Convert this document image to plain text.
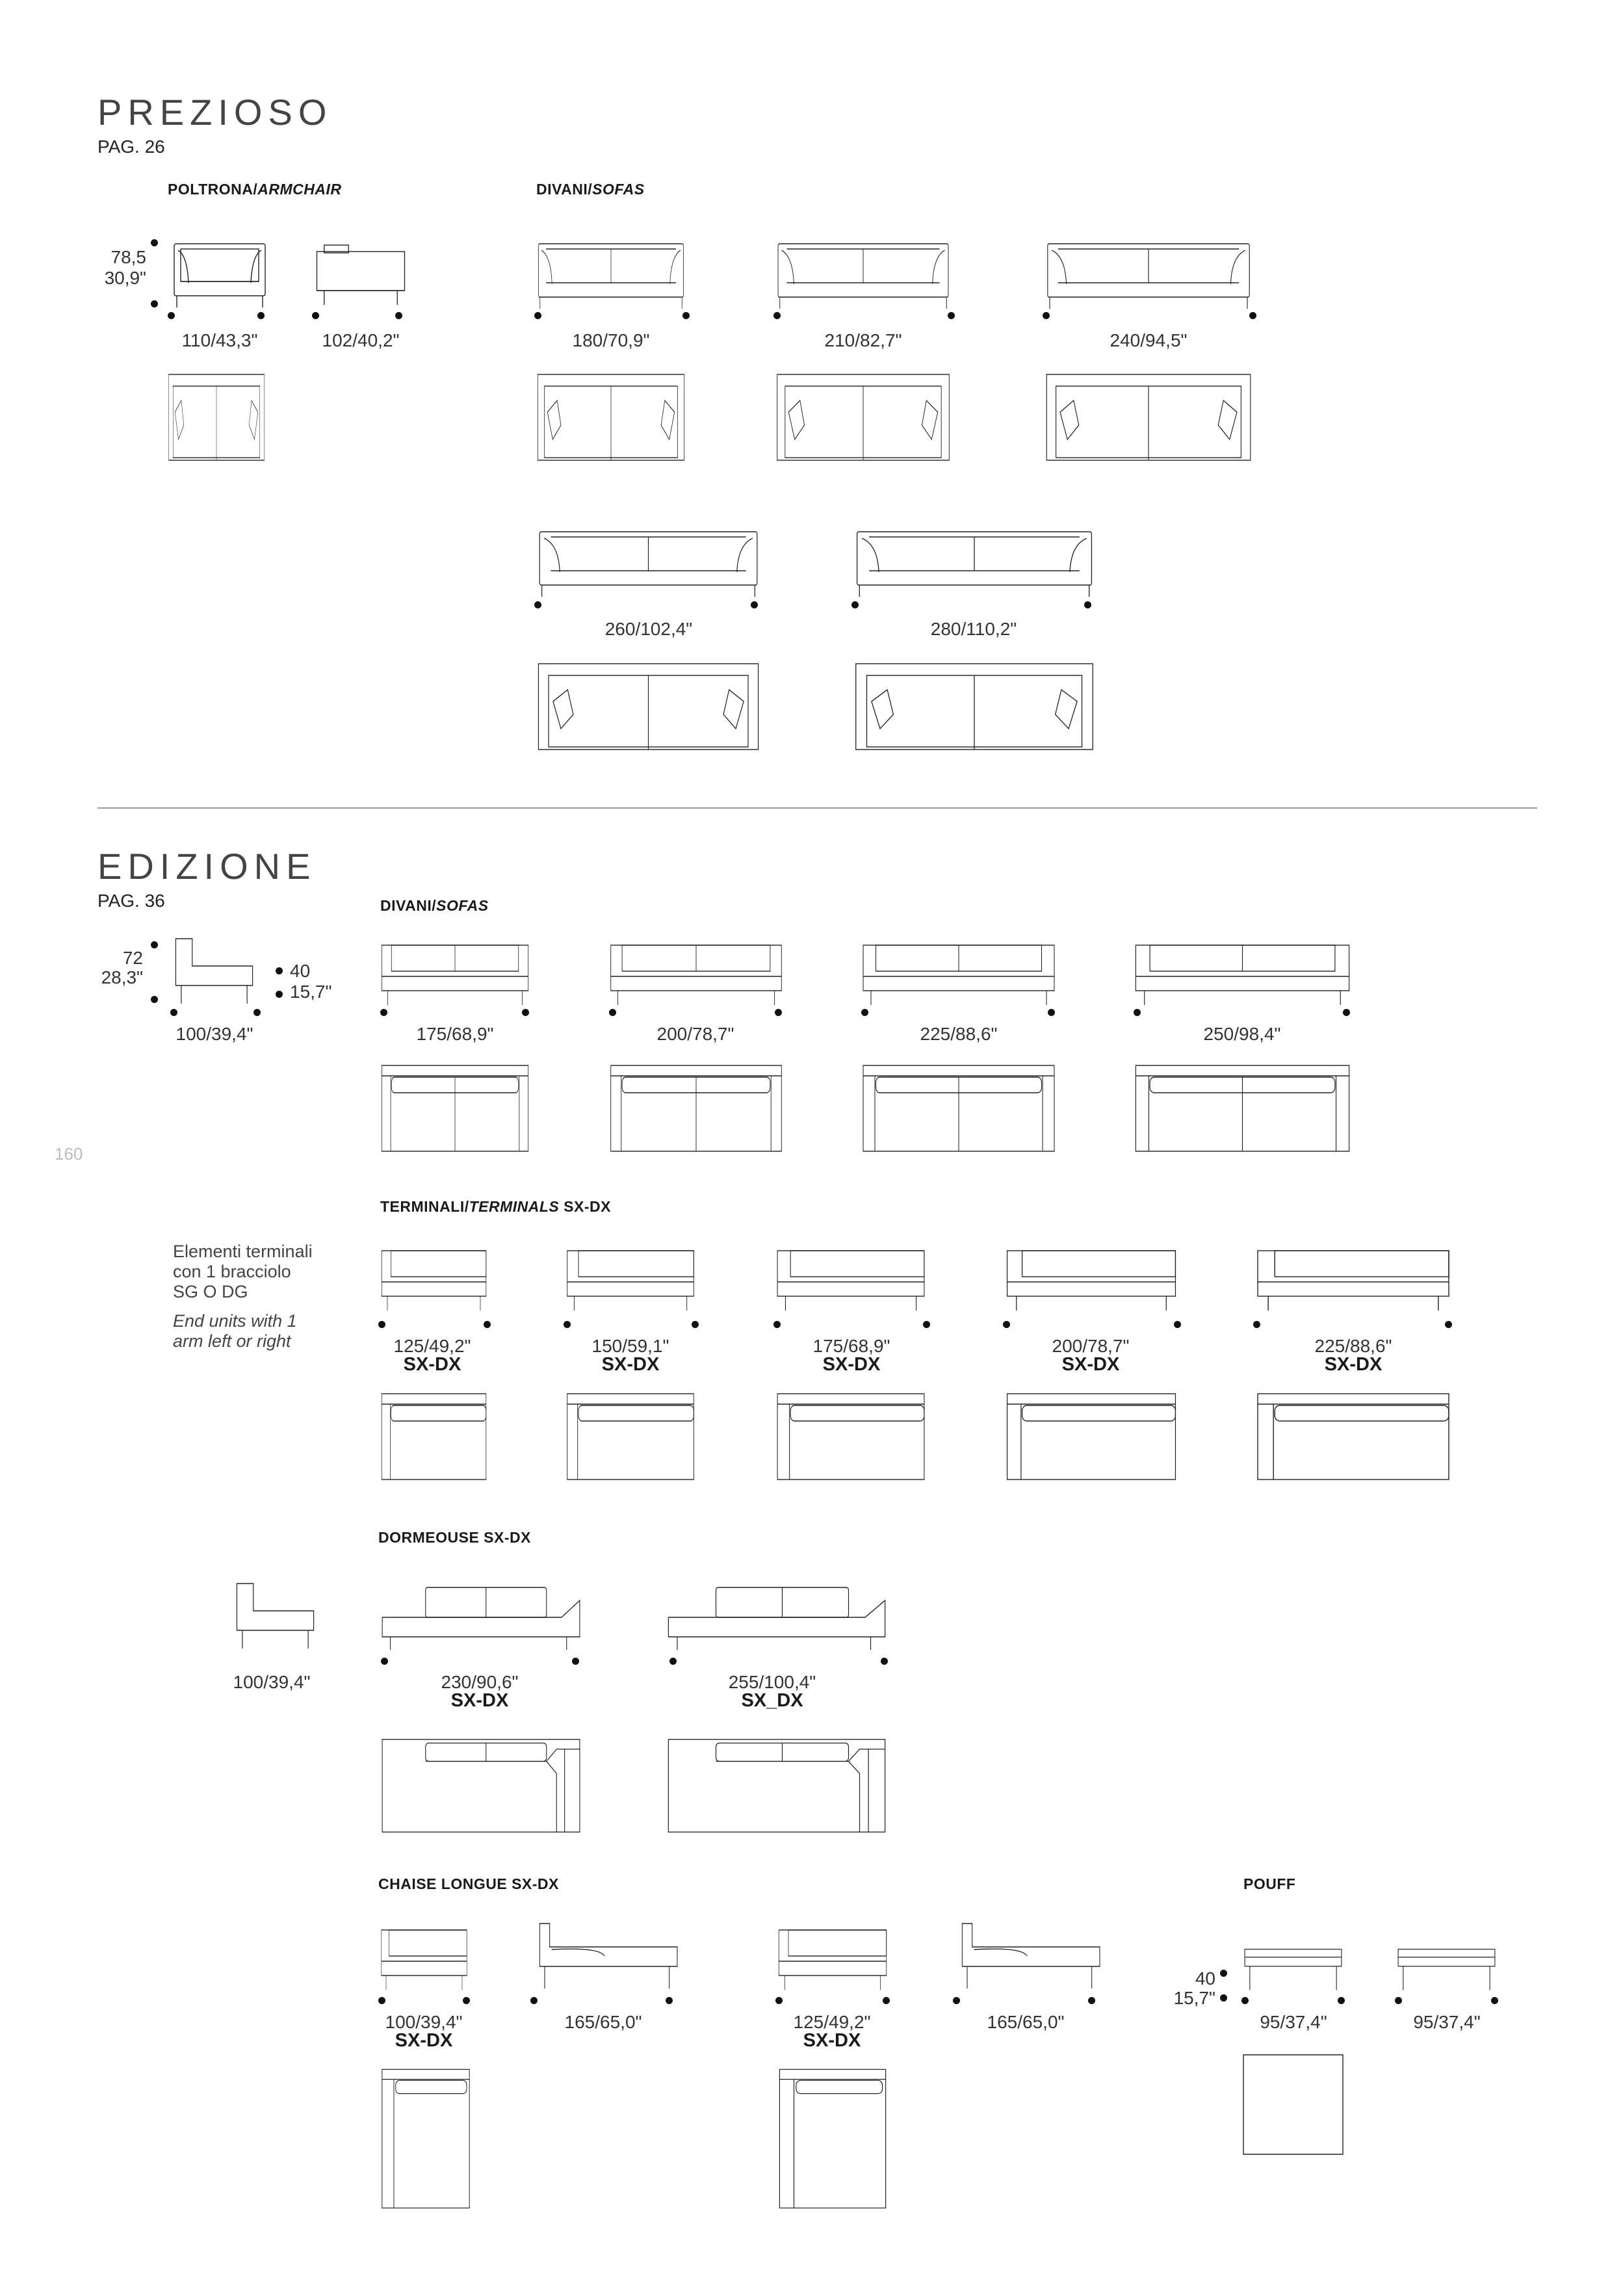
PREZIOSO
PAG. 26
POLTRONA/ARMCHAIR	DIVANI/SOFAS
78,5
30,9"
110/43,3"	102/40,2"	180/70,9"	210/82,7"	240/94,5"
260/102,4"	280/110,2"
EDIZIONE
PAG. 36	DIVANI/SOFAS
72
28,3"	40
15,7"
100/39,4"	175/68,9"	200/78,7"	225/88,6"	250/98,4"
160
TERMINALI/TERMINALS SX-DX
Elementi terminali
con 1 bracciolo
SG O DG
End units with 1
arm left or right	125/49,2"
SX-DX
150/59,1"
SX-DX
175/68,9"
SX-DX
200/78,7"
SX-DX
225/88,6"
SX-DX
DORMEOUSE SX-DX
100/39,4"	230/90,6"
SX-DX
255/100,4"
SX_DX
CHAISE LONGUE SX-DX
100/39,4"
SX-DX
165/65,0"	125/49,2"
SX-DX
165/65,0"
POUFF
40
15,7"
95/37,4"	95/37,4"
